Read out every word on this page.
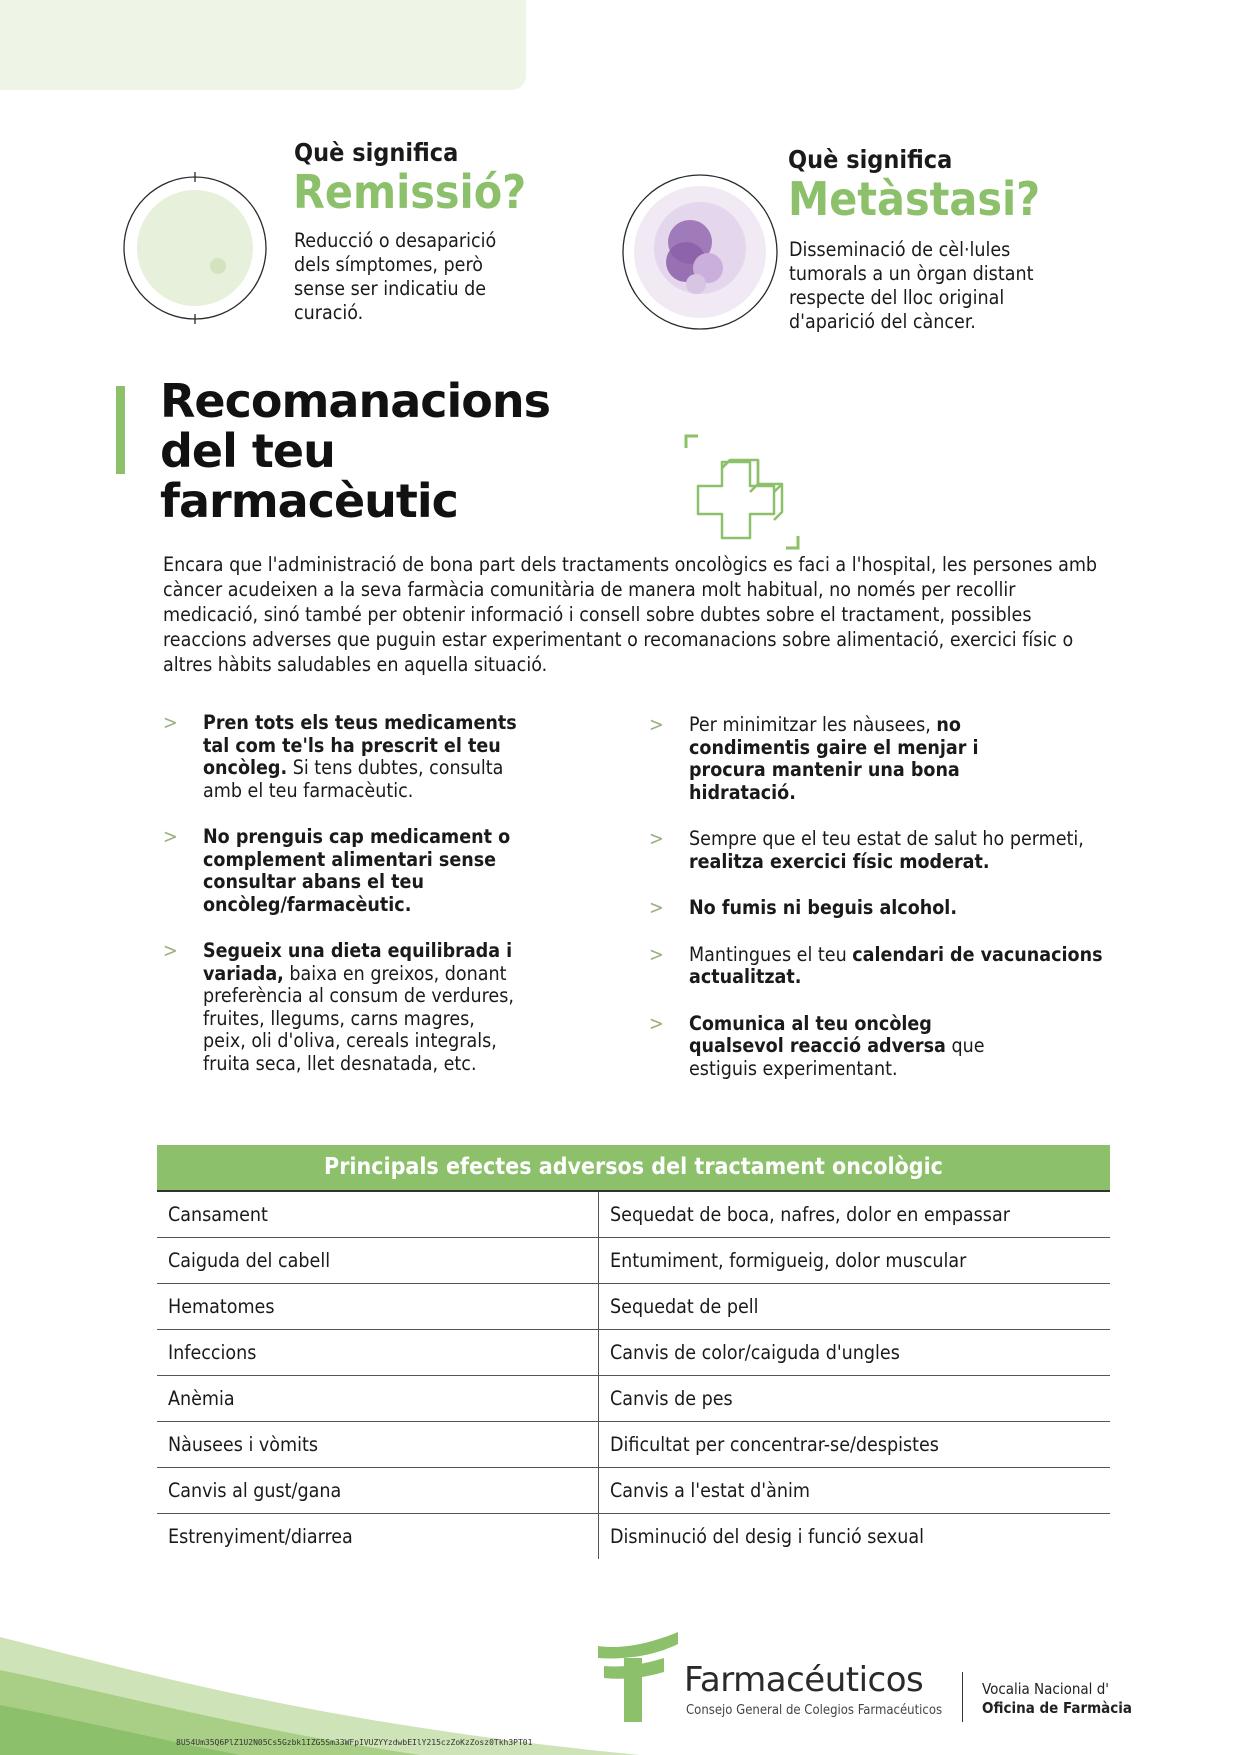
Què significa
Remissió?
Reducció o desaparició dels símptomes, però sense ser indicatiu de curació.
Què significa
Metàstasi?
Disseminació de cèl·lules tumorals a un òrgan distant respecte del lloc original d'aparició del càncer.
Recomanacions
del teu
farmacèutic
Encara que l'administració de bona part dels tractaments oncològics es faci a l'hospital, les persones amb càncer acudeixen a la seva farmàcia comunitària de manera molt habitual, no només per recollir medicació, sinó també per obtenir informació i consell sobre dubtes sobre el tractament, possibles reaccions adverses que puguin estar experimentant o recomanacions sobre alimentació, exercici físic o altres hàbits saludables en aquella situació.
> Pren tots els teus medicaments tal com te'ls ha prescrit el teu oncòleg. Si tens dubtes, consulta amb el teu farmacèutic.
> No prenguis cap medicament o complement alimentari sense consultar abans el teu oncòleg/farmacèutic.
> Segueix una dieta equilibrada i variada, baixa en greixos, donant preferència al consum de verdures, fruites, llegums, carns magres, peix, oli d'oliva, cereals integrals, fruita seca, llet desnatada, etc.
> Per minimitzar les nàusees, no condimentis gaire el menjar i procura mantenir una bona hidratació.
> Sempre que el teu estat de salut ho permeti, realitza exercici físic moderat.
> No fumis ni beguis alcohol.
> Mantingues el teu calendari de vacunacions actualitzat.
> Comunica al teu oncòleg qualsevol reacció adversa que estiguis experimentant.
Principals efectes adversos del tractament oncològic
Cansament	Sequedat de boca, nafres, dolor en empassar
Caiguda del cabell	Entumiment, formigueig, dolor muscular
Hematomes	Sequedat de pell
Infeccions	Canvis de color/caiguda d'ungles
Anèmia	Canvis de pes
Nàusees i vòmits	Dificultat per concentrar-se/despistes
Canvis al gust/gana	Canvis a l'estat d'ànim
Estrenyiment/diarrea	Disminució del desig i funció sexual
Farmacéuticos
Consejo General de Colegios Farmacéuticos
Vocalia Nacional d'
Oficina de Farmàcia
8U54Um35Q6PlZ1U2N05Cs5Gzbk1IZG5Sm33WFpIVUZYYzdwbEIlY215czZoKzZosz0Tkh3PT01
